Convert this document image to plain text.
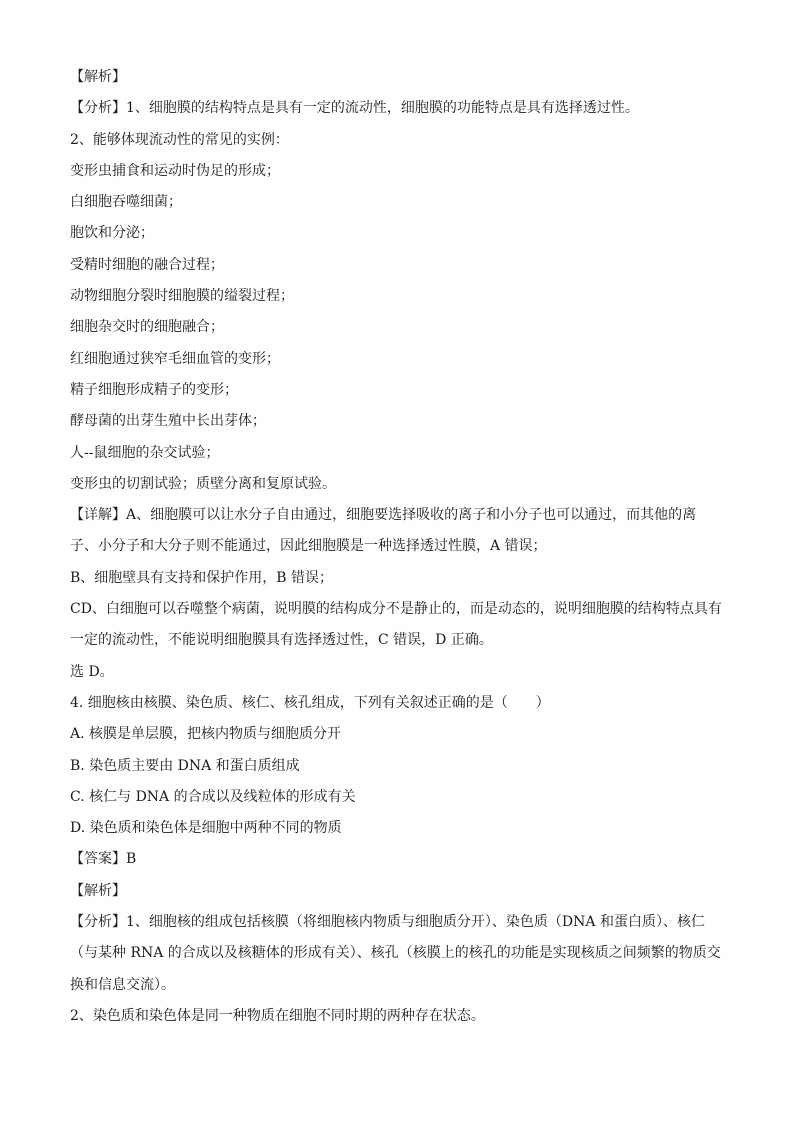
【解析】

【分析】1、细胞膜的结构特点是具有一定的流动性，细胞膜的功能特点是具有选择透过性。

2、能够体现流动性的常见的实例：

变形虫捕食和运动时伪足的形成；

白细胞吞噬细菌；

胞饮和分泌；

受精时细胞的融合过程；

动物细胞分裂时细胞膜的缢裂过程；

细胞杂交时的细胞融合；

红细胞通过狭窄毛细血管的变形；

精子细胞形成精子的变形；

酵母菌的出芽生殖中长出芽体；

人--鼠细胞的杂交试验；

变形虫的切割试验；质壁分离和复原试验。

【详解】A、细胞膜可以让水分子自由通过，细胞要选择吸收的离子和小分子也可以通过，而其他的离

子、小分子和大分子则不能通过，因此细胞膜是一种选择透过性膜，A 错误；

B、细胞壁具有支持和保护作用，B 错误；

CD、白细胞可以吞噬整个病菌，说明膜的结构成分不是静止的，而是动态的，说明细胞膜的结构特点具有

一定的流动性，不能说明细胞膜具有选择透过性，C 错误，D 正确。

选 D。

4. 细胞核由核膜、染色质、核仁、核孔组成，下列有关叙述正确的是（　　）

A. 核膜是单层膜，把核内物质与细胞质分开

B. 染色质主要由 DNA 和蛋白质组成

C. 核仁与 DNA 的合成以及线粒体的形成有关

D. 染色质和染色体是细胞中两种不同的物质

【答案】B

【解析】

【分析】1、细胞核的组成包括核膜（将细胞核内物质与细胞质分开）、染色质（DNA 和蛋白质）、核仁

（与某种 RNA 的合成以及核糖体的形成有关）、核孔（核膜上的核孔的功能是实现核质之间频繁的物质交

换和信息交流）。

2、染色质和染色体是同一种物质在细胞不同时期的两种存在状态。
